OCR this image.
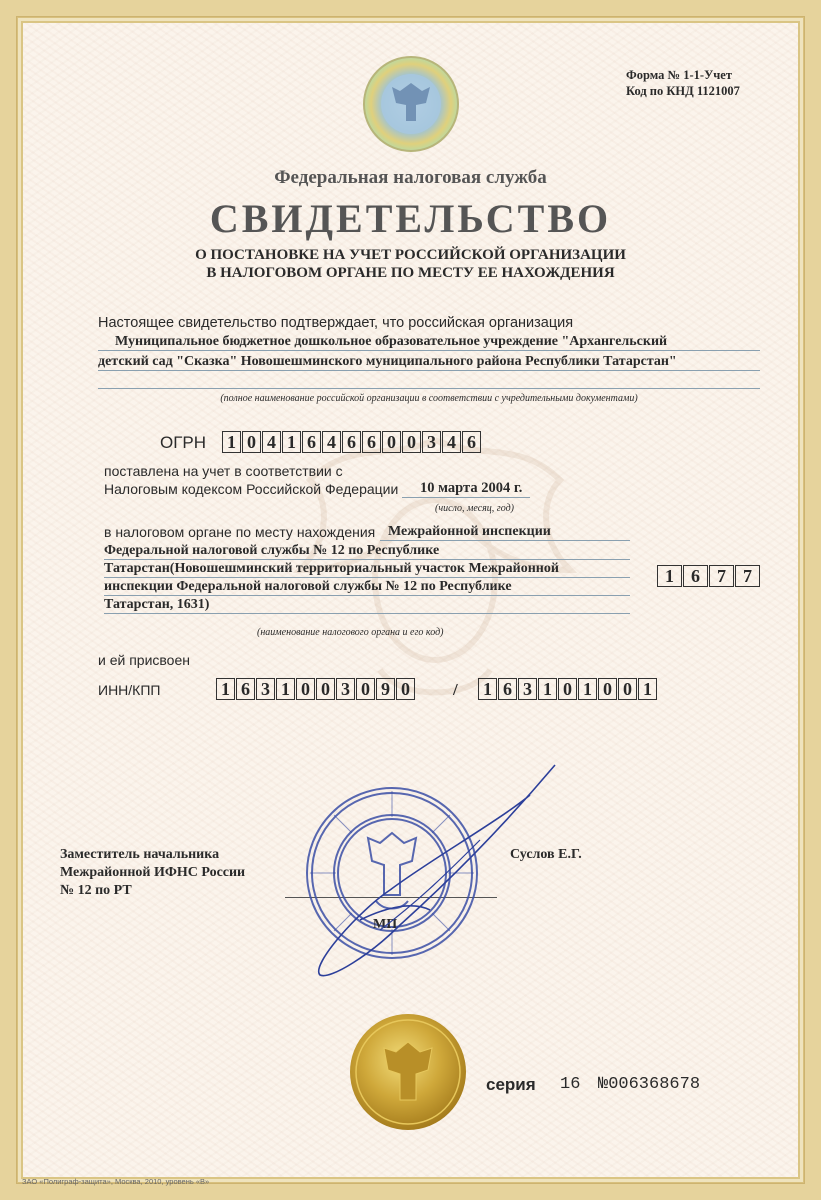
Форма № 1-1-Учет
Код по КНД 1121007
Федеральная налоговая служба
СВИДЕТЕЛЬСТВО
О ПОСТАНОВКЕ НА УЧЕТ РОССИЙСКОЙ ОРГАНИЗАЦИИ
В НАЛОГОВОМ ОРГАНЕ ПО МЕСТУ ЕЕ НАХОЖДЕНИЯ
Настоящее свидетельство подтверждает, что российская организация
Муниципальное бюджетное дошкольное образовательное учреждение "Архангельский
детский сад "Сказка" Новошешминского муниципального района Республики Татарстан"
(полное наименование российской организации в соответствии с учредительными документами)
ОГРН 1 0 4 1 6 4 6 6 0 0 3 4 6
поставлена на учет в соответствии с
Налоговым кодексом Российской Федерации 10 марта 2004 г.
(число, месяц, год)
в налоговом органе по месту нахождения Межрайонной инспекции
Федеральной налоговой службы № 12 по Республике
Татарстан(Новошешминский территориальный участок Межрайонной
инспекции Федеральной налоговой службы № 12 по Республике
Татарстан, 1631)
1 6 7 7
(наименование налогового органа и его код)
и ей присвоен
ИНН/КПП	1 6 3 1 0 0 3 0 9 0	/ 1 6 3 1 0 1 0 0 1
Заместитель начальника
Межрайонной ИФНС России
№ 12 по РТ
Суслов Е.Г.
МП
серия 16 №006368678
ЗАО «Полиграф-защита», Москва, 2010, уровень «В»
